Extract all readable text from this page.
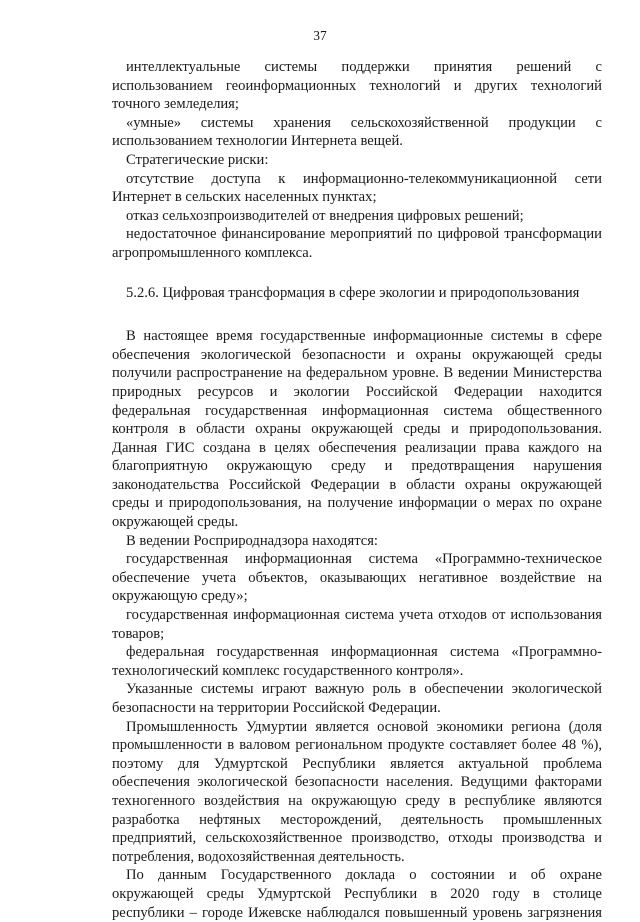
37

интеллектуальные системы поддержки принятия решений с использованием геоинформационных технологий и других технологий точного земледелия;

«умные» системы хранения сельскохозяйственной продукции с использованием технологии Интернета вещей.

Стратегические риски:

отсутствие доступа к информационно-телекоммуникационной сети Интернет в сельских населенных пунктах;

отказ сельхозпроизводителей от внедрения цифровых решений;

недостаточное финансирование мероприятий по цифровой трансформации агропромышленного комплекса.

5.2.6. Цифровая трансформация в сфере экологии и природопользования

В настоящее время государственные информационные системы в сфере обеспечения экологической безопасности и охраны окружающей среды получили распространение на федеральном уровне. В ведении Министерства природных ресурсов и экологии Российской Федерации находится федеральная государственная информационная система общественного контроля в области охраны окружающей среды и природопользования. Данная ГИС создана в целях обеспечения реализации права каждого на благоприятную окружающую среду и предотвращения нарушения законодательства Российской Федерации в области охраны окружающей среды и природопользования, на получение информации о мерах по охране окружающей среды.

В ведении Росприроднадзора находятся:

государственная информационная система «Программно-техническое обеспечение учета объектов, оказывающих негативное воздействие на окружающую среду»;

государственная информационная система учета отходов от использования товаров;

федеральная государственная информационная система «Программно-технологический комплекс государственного контроля».

Указанные системы играют важную роль в обеспечении экологической безопасности на территории Российской Федерации.

Промышленность Удмуртии является основой экономики региона (доля промышленности в валовом региональном продукте составляет более 48 %), поэтому для Удмуртской Республики является актуальной проблема обеспечения экологической безопасности населения. Ведущими факторами техногенного воздействия на окружающую среду в республике являются разработка нефтяных месторождений, деятельность промышленных предприятий, сельскохозяйственное производство, отходы производства и потребления, водохозяйственная деятельность.

По данным Государственного доклада о состоянии и об охране окружающей среды Удмуртской Республики в 2020 году в столице республики – городе Ижевске наблюдался повышенный уровень загрязнения
